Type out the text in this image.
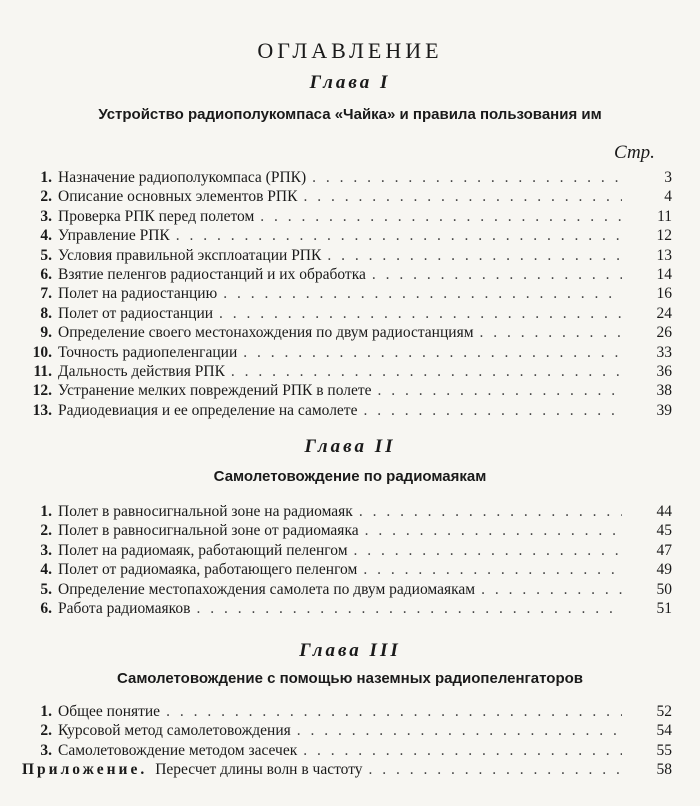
ОГЛАВЛЕНИЕ
Глава I
Устройство радиополукомпаса «Чайка» и правила пользования им
Стр.
1. Назначение радиополукомпаса (РПК) . . .	3
2. Описание основных элементов РПК . . .	4
3. Проверка РПК перед полетом . . .	11
4. Управление РПК . . .	12
5. Условия правильной эксплоатации РПК . . .	13
6. Взятие пеленгов радиостанций и их обработка . . .	14
7. Полет на радиостанцию . . .	16
8. Полет от радиостанции . . .	24
9. Определение своего местонахождения по двум радиостанциям . . .	26
10. Точность радиопеленгации . . .	33
11. Дальность действия РПК . . .	36
12. Устранение мелких повреждений РПК в полете . . .	38
13. Радиодевиация и ее определение на самолете . . .	39
Глава II
Самолетовождение по радиомаякам
1. Полет в равносигнальной зоне на радиомаяк . . .	44
2. Полет в равносигнальной зоне от радиомаяка . . .	45
3. Полет на радиомаяк, работающий пеленгом . . .	47
4. Полет от радиомаяка, работающего пеленгом . . .	49
5. Определение местопахождения самолета по двум радиомаякам . . .	50
6. Работа радиомаяков . . .	51
Глава III
Самолетовождение с помощью наземных радиопеленгаторов
1. Общее понятие . . .	52
2. Курсовой метод самолетовождения . . .	54
3. Самолетовождение методом засечек . . .	55
Приложение. Пересчет длины волн в частоту . . .	58
